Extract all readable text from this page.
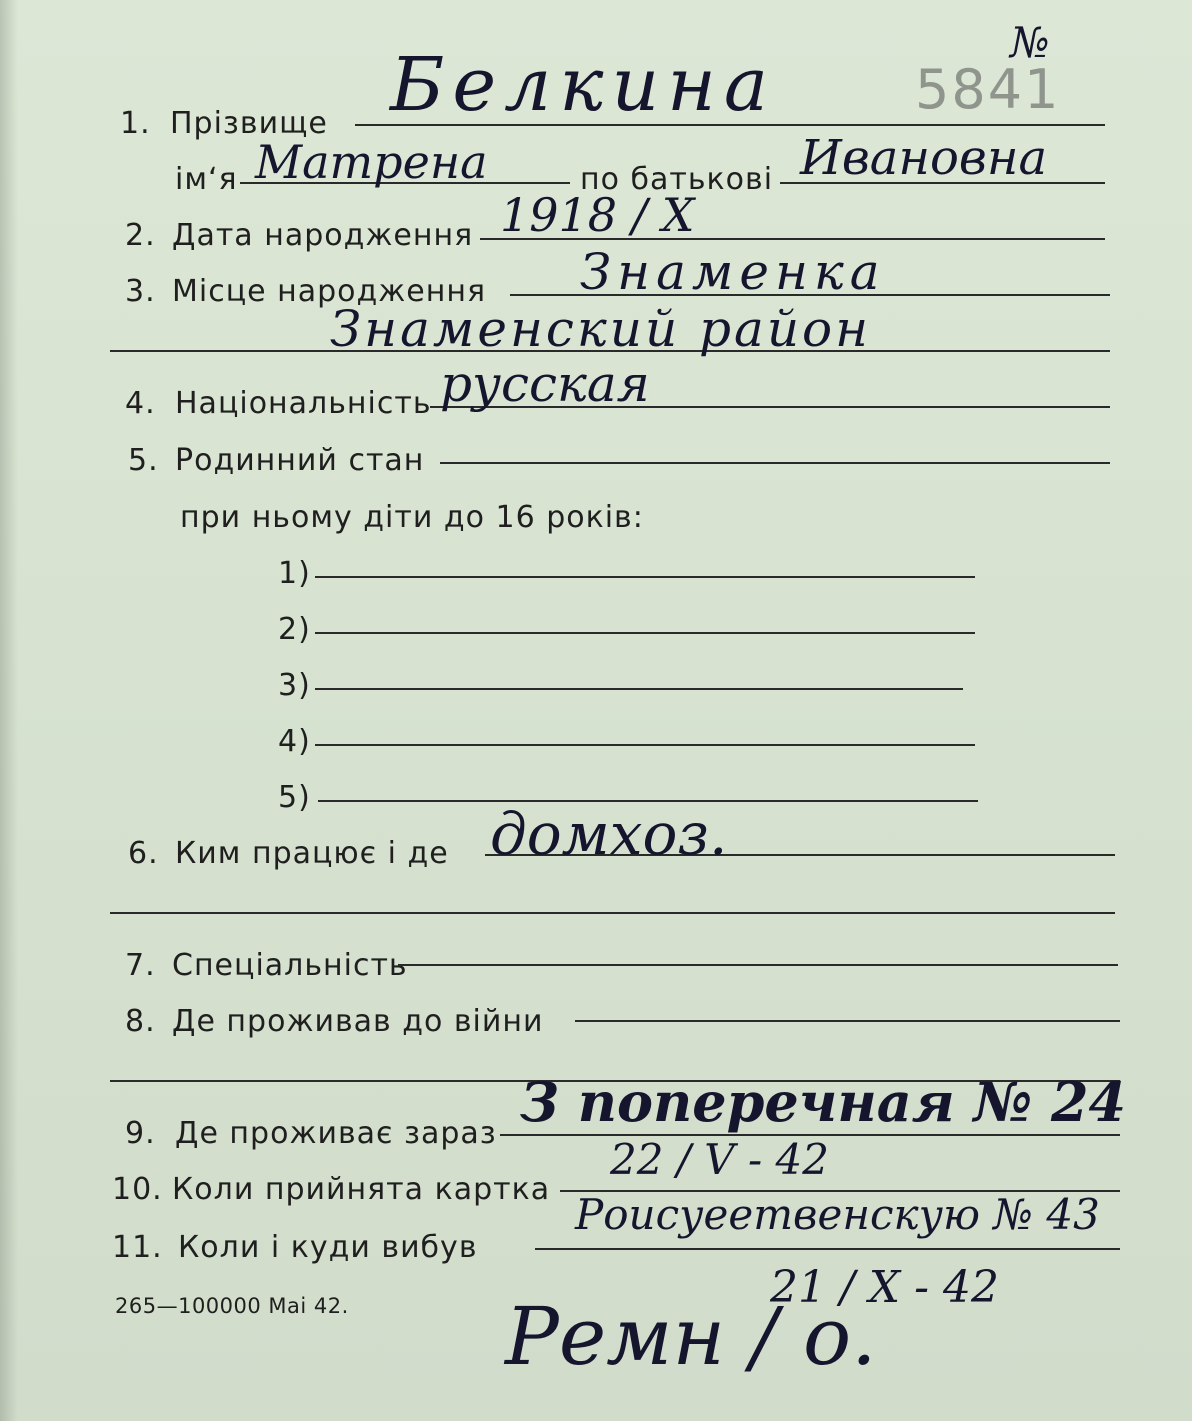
№
5841
1. Прізвище Белкина
ім‘я Матрена	по батькові Ивановна
2. Дата народження 1918 / X
3. Місце народження Знаменка
Знаменский район
4. Національність русская
5. Родинний стан
при ньому діти до 16 років:
1)
2)
3)
4)
5)
6. Ким працює і де домхоз.
7. Спеціальність
8. Де проживав до війни
9. Де проживає зараз З поперечная № 24
10. Коли прийнята картка
22 / V - 42
11. Коли і куди вибув
Роисуеетвенскую № 43
265—100000 Mai 42.	21 / X - 42
Ремн / о.
